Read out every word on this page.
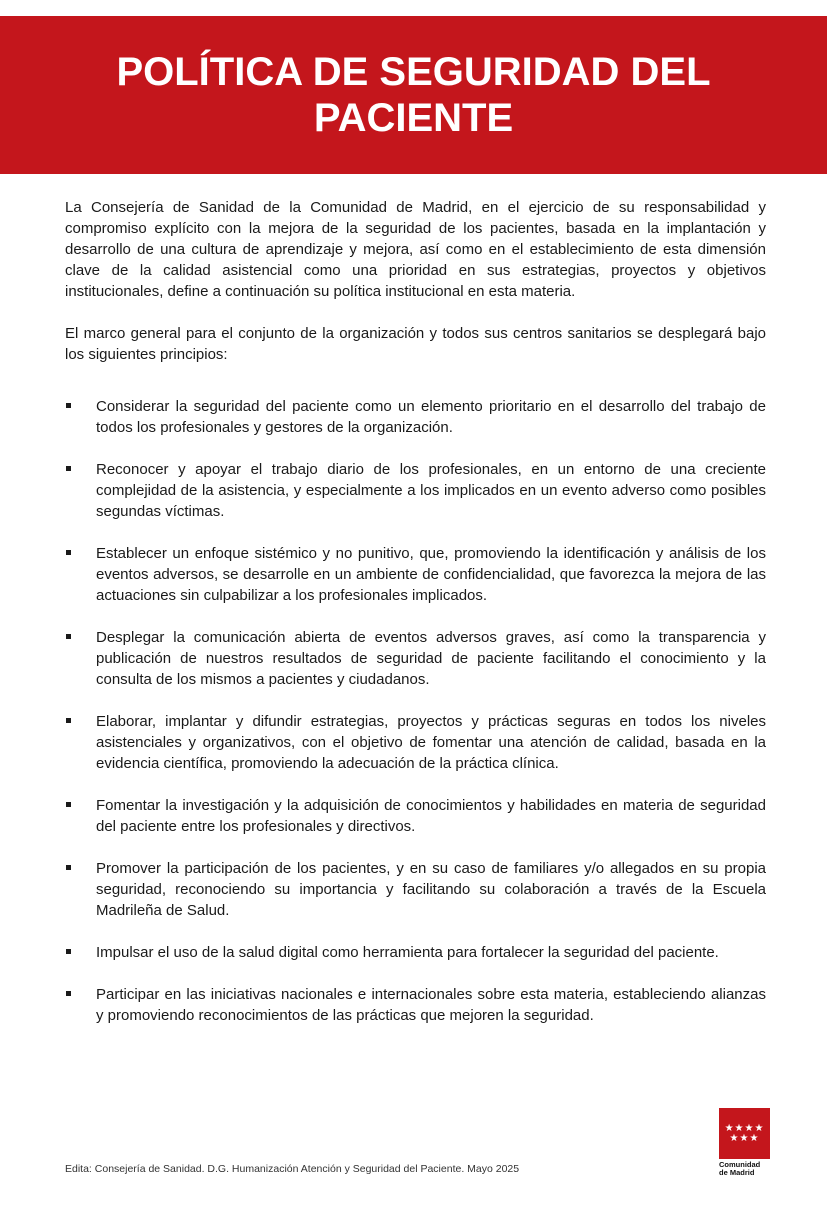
POLÍTICA DE SEGURIDAD DEL PACIENTE

La Consejería de Sanidad de la Comunidad de Madrid, en el ejercicio de su responsabilidad y compromiso explícito con la mejora de la seguridad de los pacientes, basada en la implantación y desarrollo de una cultura de aprendizaje y mejora, así como en el establecimiento de esta dimensión clave de la calidad asistencial como una prioridad en sus estrategias, proyectos y objetivos institucionales, define a continuación su política institucional en esta materia.

El marco general para el conjunto de la organización y todos sus centros sanitarios se desplegará bajo los siguientes principios:

Considerar la seguridad del paciente como un elemento prioritario en el desarrollo del trabajo de todos los profesionales y gestores de la organización.
Reconocer y apoyar el trabajo diario de los profesionales, en un entorno de una creciente complejidad de la asistencia, y especialmente a los implicados en un evento adverso como posibles segundas víctimas.
Establecer un enfoque sistémico y no punitivo, que, promoviendo la identificación y análisis de los eventos adversos, se desarrolle en un ambiente de confidencialidad, que favorezca la mejora de las actuaciones sin culpabilizar a los profesionales implicados.
Desplegar la comunicación abierta de eventos adversos graves, así como la transparencia y publicación de nuestros resultados de seguridad de paciente facilitando el conocimiento y la consulta de los mismos a pacientes y ciudadanos.
Elaborar, implantar y difundir estrategias, proyectos y prácticas seguras en todos los niveles asistenciales y organizativos, con el objetivo de fomentar una atención de calidad, basada en la evidencia científica, promoviendo la adecuación de la práctica clínica.
Fomentar la investigación y la adquisición de conocimientos y habilidades en materia de seguridad del paciente entre los profesionales y directivos.
Promover la participación de los pacientes, y en su caso de familiares y/o allegados en su propia seguridad, reconociendo su importancia y facilitando su colaboración a través de la Escuela Madrileña de Salud.
Impulsar el uso de la salud digital como herramienta para fortalecer la seguridad del paciente.
Participar en las iniciativas nacionales e internacionales sobre esta materia, estableciendo alianzas y promoviendo reconocimientos de las prácticas que mejoren la seguridad.
Edita: Consejería de Sanidad. D.G. Humanización Atención y Seguridad del Paciente. Mayo 2025
★★★★
★★★
Comunidad
de Madrid
